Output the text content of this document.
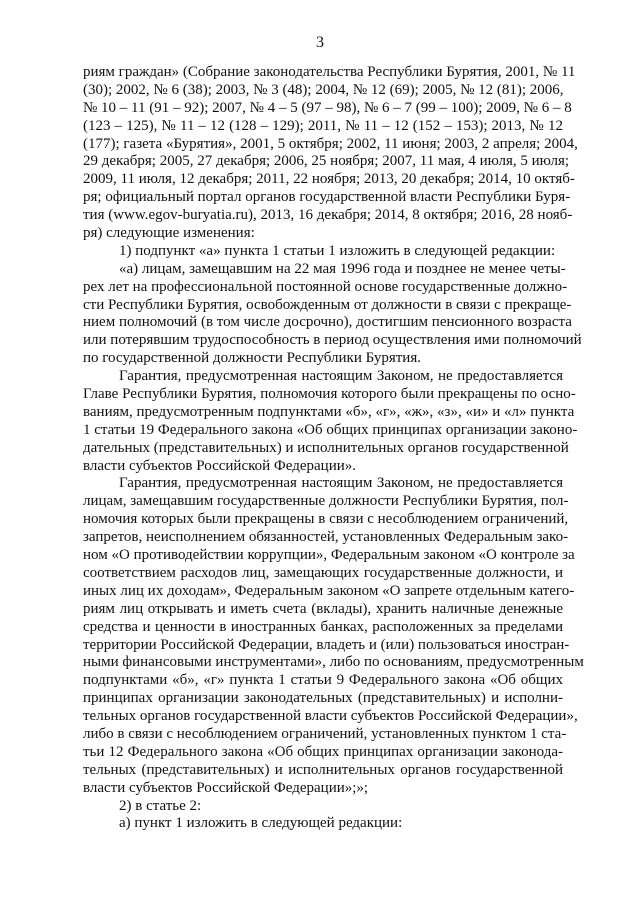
3
риям граждан» (Собрание законодательства Республики Бурятия, 2001, № 11
(30); 2002, № 6 (38); 2003, № 3 (48); 2004, № 12 (69); 2005, № 12 (81); 2006,
№ 10 – 11 (91 – 92); 2007, № 4 – 5 (97 – 98), № 6 – 7 (99 – 100); 2009, № 6 – 8
(123 – 125), № 11 – 12 (128 – 129); 2011, № 11 – 12 (152 – 153); 2013, № 12
(177); газета «Бурятия», 2001, 5 октября; 2002, 11 июня; 2003, 2 апреля; 2004,
29 декабря; 2005, 27 декабря; 2006, 25 ноября; 2007, 11 мая, 4 июля, 5 июля;
2009, 11 июля, 12 декабря; 2011, 22 ноября; 2013, 20 декабря; 2014, 10 октяб-
ря; официальный портал органов государственной власти Республики Буря-
тия (www.egov-buryatia.ru), 2013, 16 декабря; 2014, 8 октября; 2016, 28 нояб-
ря) следующие изменения:
1) подпункт «а» пункта 1 статьи 1 изложить в следующей редакции:
«а) лицам, замещавшим на 22 мая 1996 года и позднее не менее четы-
рех лет на профессиональной постоянной основе государственные должно-
сти Республики Бурятия, освобожденным от должности в связи с прекраще-
нием полномочий (в том числе досрочно), достигшим пенсионного возраста
или потерявшим трудоспособность в период осуществления ими полномочий
по государственной должности Республики Бурятия.
Гарантия, предусмотренная настоящим Законом, не предоставляется
Главе Республики Бурятия, полномочия которого были прекращены по осно-
ваниям, предусмотренным подпунктами «б», «г», «ж», «з», «и» и «л» пункта
1 статьи 19 Федерального закона «Об общих принципах организации законо-
дательных (представительных) и исполнительных органов государственной
власти субъектов Российской Федерации».
Гарантия, предусмотренная настоящим Законом, не предоставляется
лицам, замещавшим государственные должности Республики Бурятия, пол-
номочия которых были прекращены в связи с несоблюдением ограничений,
запретов, неисполнением обязанностей, установленных Федеральным зако-
ном «О противодействии коррупции», Федеральным законом «О контроле за
соответствием расходов лиц, замещающих государственные должности, и
иных лиц их доходам», Федеральным законом «О запрете отдельным катего-
риям лиц открывать и иметь счета (вклады), хранить наличные денежные
средства и ценности в иностранных банках, расположенных за пределами
территории Российской Федерации, владеть и (или) пользоваться иностран-
ными финансовыми инструментами», либо по основаниям, предусмотренным
подпунктами «б», «г» пункта 1 статьи 9 Федерального закона «Об общих
принципах организации законодательных (представительных) и исполни-
тельных органов государственной власти субъектов Российской Федерации»,
либо в связи с несоблюдением ограничений, установленных пунктом 1 ста-
тьи 12 Федерального закона «Об общих принципах организации законода-
тельных (представительных) и исполнительных органов государственной
власти субъектов Российской Федерации»;»;
2) в статье 2:
а) пункт 1 изложить в следующей редакции:
